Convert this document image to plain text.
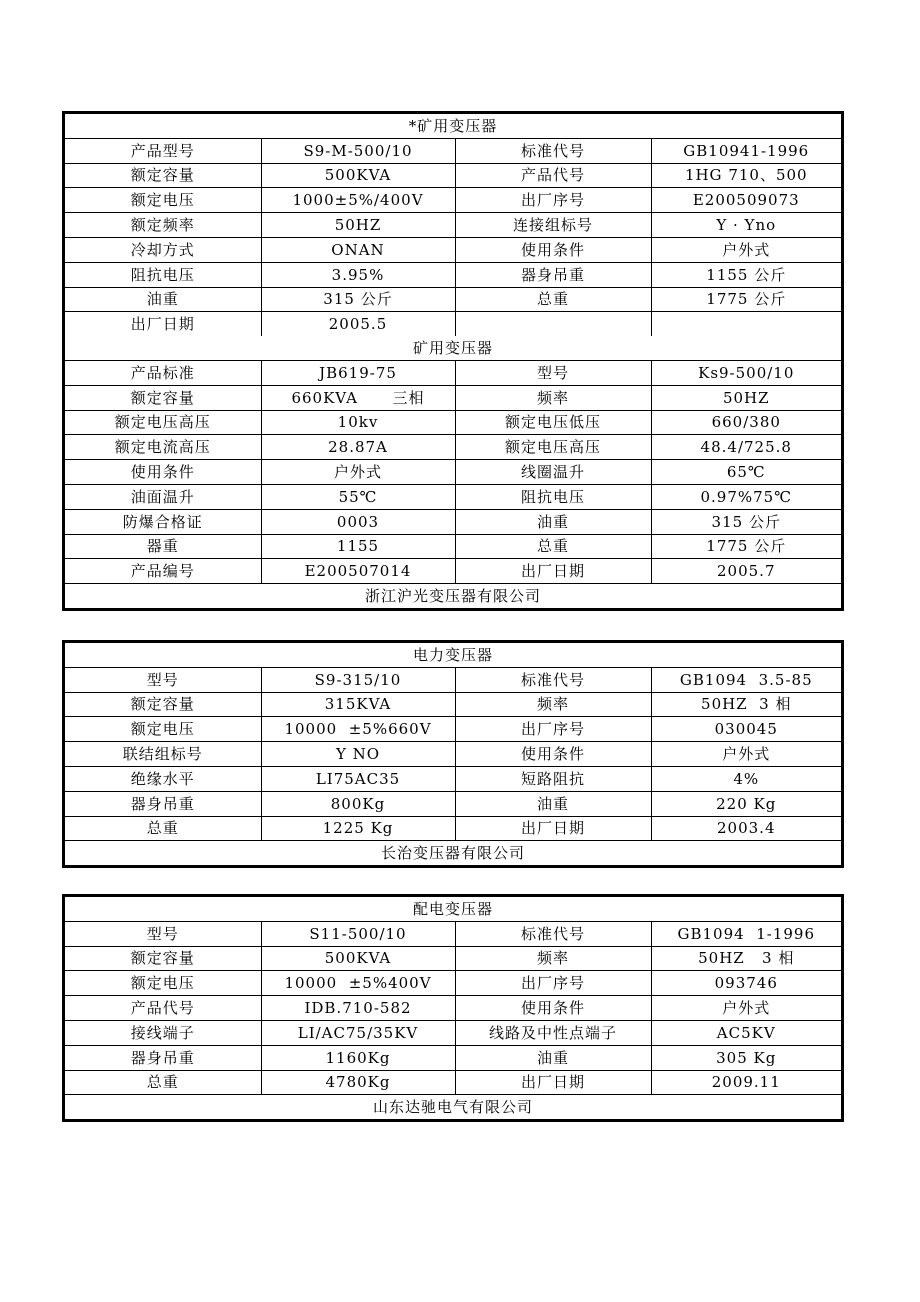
*矿用变压器			
产品型号	S9-M-500/10	标准代号	GB10941-1996
额定容量	500KVA	产品代号	1HG 710、500
额定电压	1000±5%/400V	出厂序号	E200509073
额定频率	50HZ	连接组标号	Y · Yno
冷却方式	ONAN	使用条件	户外式
阻抗电压	3.95%	器身吊重	1155 公斤
油重	315 公斤	总重	1775 公斤
出厂日期	2005.5		
矿用变压器			
产品标准	JB619-75	型号	Ks9-500/10
额定容量	660KVA      三相	频率	50HZ
额定电压高压	10kv	额定电压低压	660/380
额定电流高压	28.87A	额定电压高压	48.4/725.8
使用条件	户外式	线圈温升	65℃
油面温升	55℃	阻抗电压	0.97%75℃
防爆合格证	0003	油重	315 公斤
器重	1155	总重	1775 公斤
产品编号	E200507014	出厂日期	2005.7
浙江沪光变压器有限公司			
电力变压器			
型号	S9-315/10	标准代号	GB1094  3.5-85
额定容量	315KVA	频率	50HZ  3 相
额定电压	10000  ±5%660V	出厂序号	030045
联结组标号	Y NO	使用条件	户外式
绝缘水平	LI75AC35	短路阻抗	4%
器身吊重	800Kg	油重	220 Kg
总重	1225 Kg	出厂日期	2003.4
长治变压器有限公司			
配电变压器			
型号	S11-500/10	标准代号	GB1094  1-1996
额定容量	500KVA	频率	50HZ   3 相
额定电压	10000  ±5%400V	出厂序号	093746
产品代号	IDB.710-582	使用条件	户外式
接线端子	LI/AC75/35KV	线路及中性点端子	AC5KV
器身吊重	1160Kg	油重	305 Kg
总重	4780Kg	出厂日期	2009.11
山东达驰电气有限公司			
